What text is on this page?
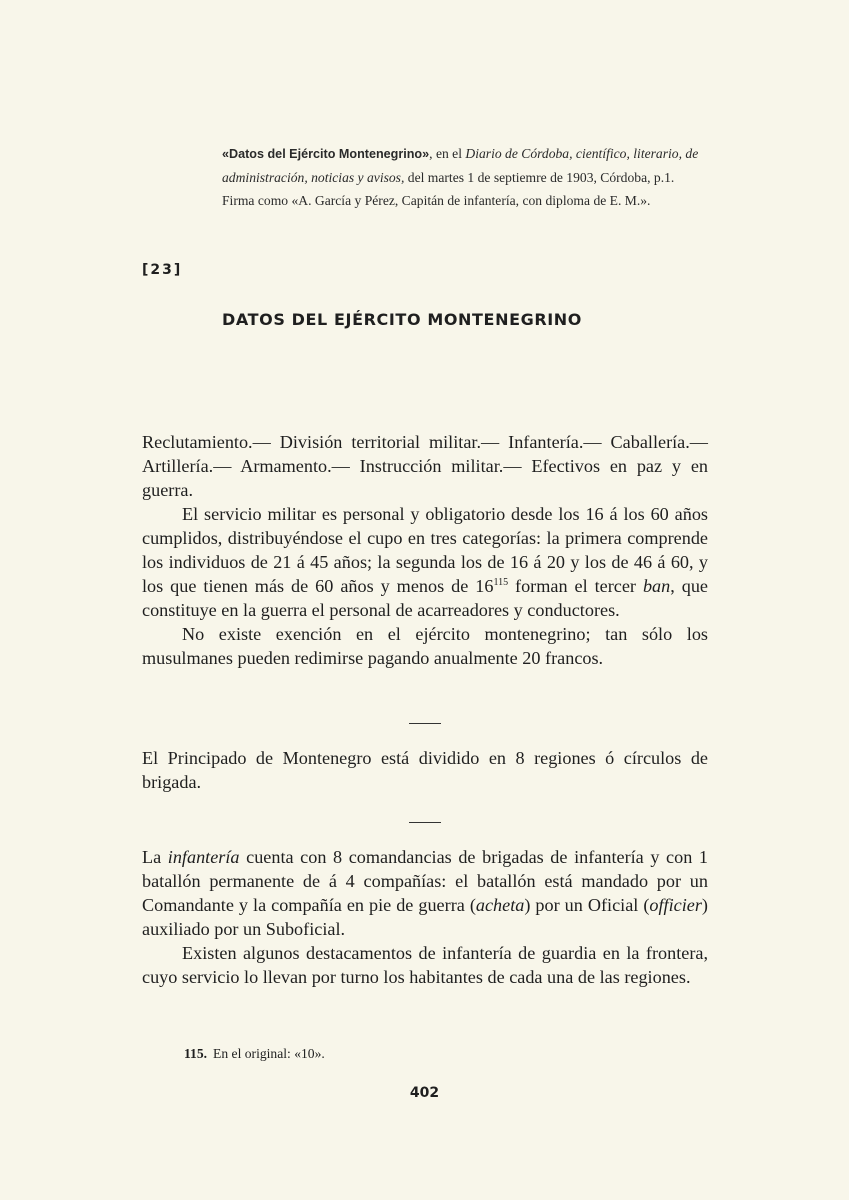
«Datos del Ejército Montenegrino», en el Diario de Córdoba, científico, literario, de administración, noticias y avisos, del martes 1 de septiemre de 1903, Córdoba, p.1. Firma como «A. García y Pérez, Capitán de infantería, con diploma de E. M.».
[23]
DATOS DEL EJÉRCITO MONTENEGRINO

Reclutamiento.— División territorial militar.— Infantería.— Caballería.— Artillería.— Armamento.— Instrucción militar.— Efectivos en paz y en guerra.

El servicio militar es personal y obligatorio desde los 16 á los 60 años cumplidos, distribuyéndose el cupo en tres categorías: la primera comprende los individuos de 21 á 45 años; la segunda los de 16 á 20 y los de 46 á 60, y los que tienen más de 60 años y menos de $16^{115}$ forman el tercer ban, que constituye en la guerra el personal de acarreadores y conductores.

No existe exención en el ejército montenegrino; tan sólo los musulmanes pueden redimirse pagando anualmente 20 francos.

El Principado de Montenegro está dividido en 8 regiones ó círculos de brigada.

La infantería cuenta con 8 comandancias de brigadas de infantería y con 1 batallón permanente de á 4 compañías: el batallón está mandado por un Comandante y la compañía en pie de guerra (acheta) por un Oficial (officier) auxiliado por un Suboficial.

Existen algunos destacamentos de infantería de guardia en la frontera, cuyo servicio lo llevan por turno los habitantes de cada una de las regiones.

115. En el original: «10».
402
